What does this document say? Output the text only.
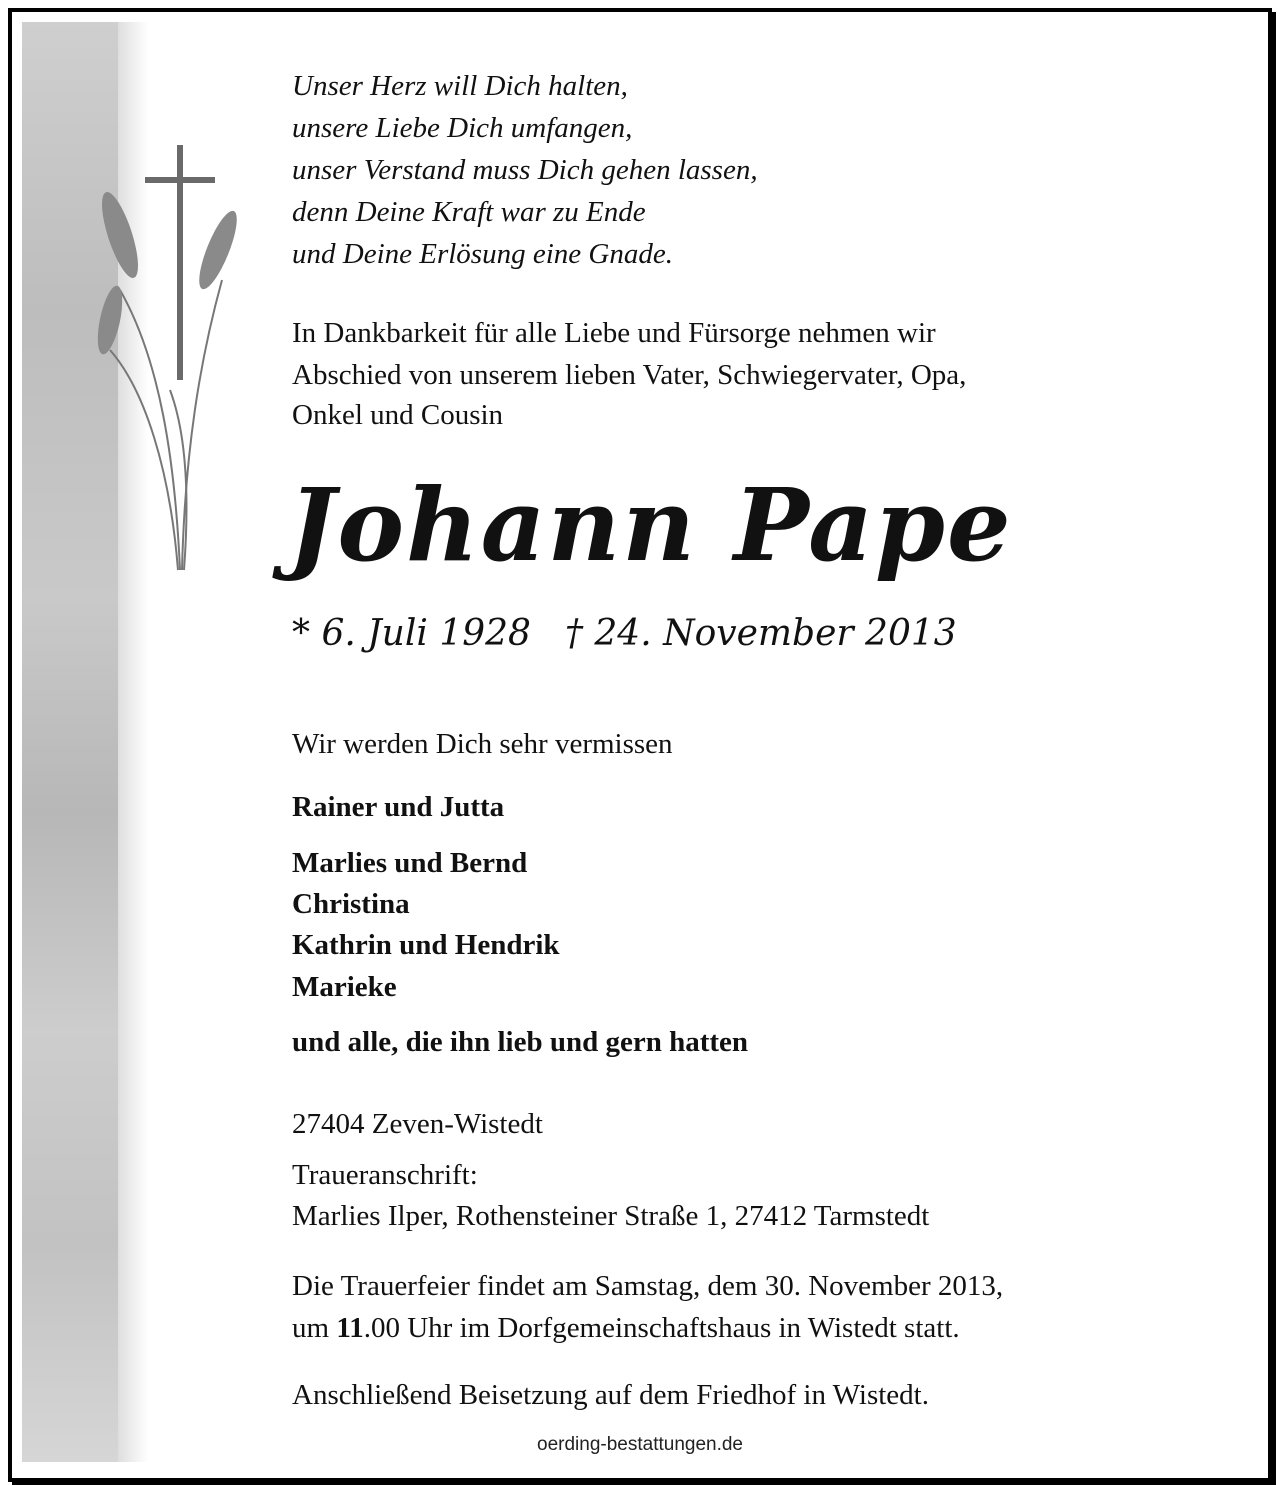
Unser Herz will Dich halten,

unsere Liebe Dich umfangen,

unser Verstand muss Dich gehen lassen,

denn Deine Kraft war zu Ende

und Deine Erlösung eine Gnade.

In Dankbarkeit für alle Liebe und Fürsorge nehmen wir

Abschied von unserem lieben Vater, Schwiegervater, Opa,

Onkel und Cousin

Johann Pape

* 6. Juli 1928 † 24. November 2013

Wir werden Dich sehr vermissen

Rainer und Jutta

Marlies und Bernd

Christina

Kathrin und Hendrik

Marieke

und alle, die ihn lieb und gern hatten

27404 Zeven-Wistedt

Traueranschrift:

Marlies Ilper, Rothensteiner Straße 1, 27412 Tarmstedt

Die Trauerfeier findet am Samstag, dem 30. November 2013,

um 11.00 Uhr im Dorfgemeinschaftshaus in Wistedt statt.

Anschließend Beisetzung auf dem Friedhof in Wistedt.

oerding-bestattungen.de
